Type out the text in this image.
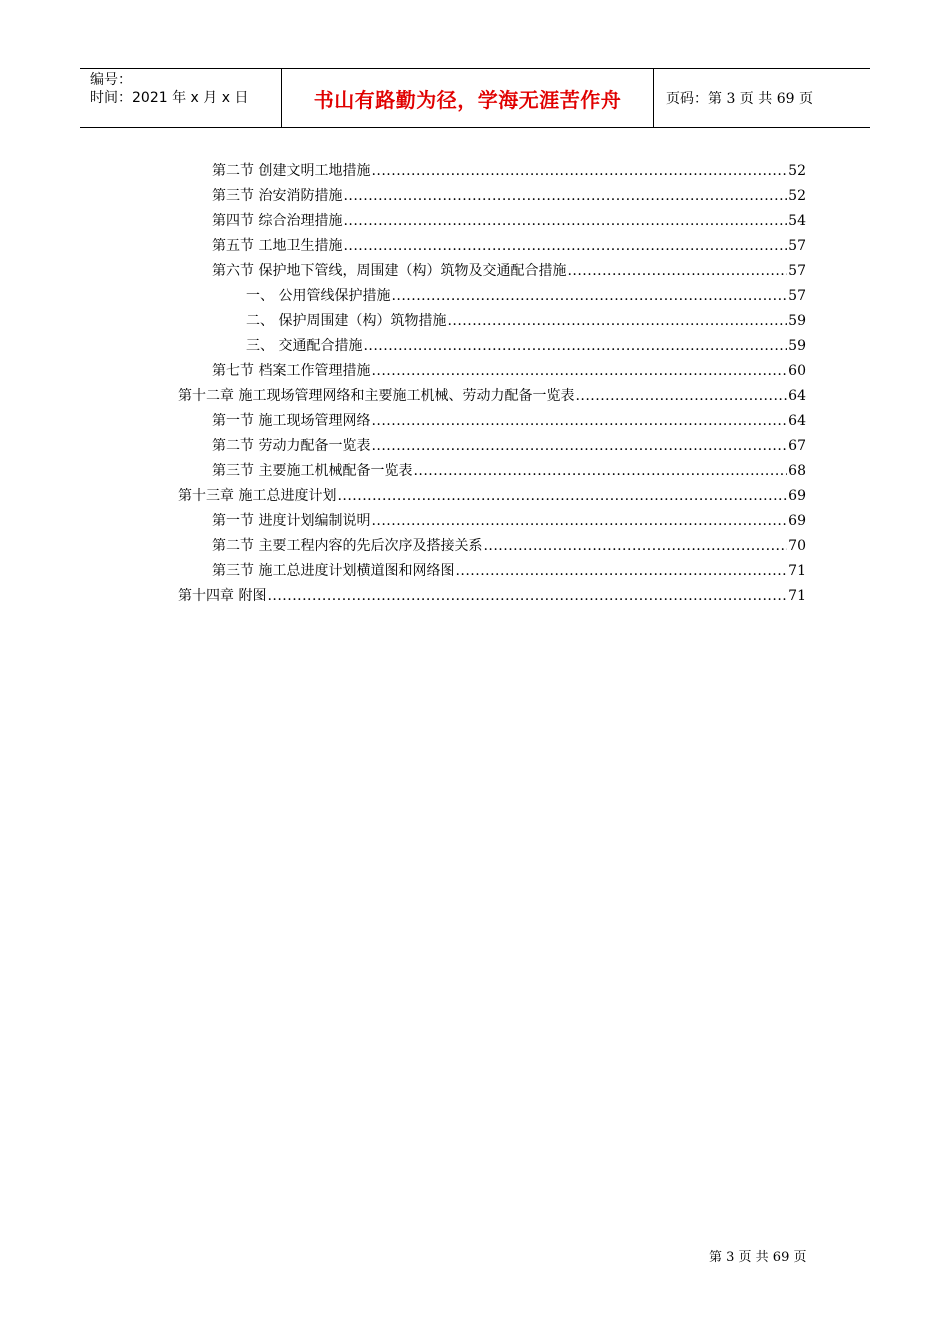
编号：
时间：2021 年 x 月 x 日	书山有路勤为径，学海无涯苦作舟	页码：第 3 页 共 69 页
第二节 创建文明工地措施 .....	52
第三节 治安消防措施 .....	52
第四节 综合治理措施 .....	54
第五节 工地卫生措施 .....	57
第六节 保护地下管线，周围建（构）筑物及交通配合措施 .....	57
一、 公用管线保护措施 .....	57
二、 保护周围建（构）筑物措施 .....	59
三、 交通配合措施 .....	59
第七节 档案工作管理措施 .....	60
第十二章 施工现场管理网络和主要施工机械、劳动力配备一览表 .....	64
第一节 施工现场管理网络 .....	64
第二节 劳动力配备一览表 .....	67
第三节 主要施工机械配备一览表 .....	68
第十三章 施工总进度计划 .....	69
第一节 进度计划编制说明 .....	69
第二节 主要工程内容的先后次序及搭接关系 .....	70
第三节 施工总进度计划横道图和网络图 .....	71
第十四章 附图 .....	71
第 3 页 共 69 页
